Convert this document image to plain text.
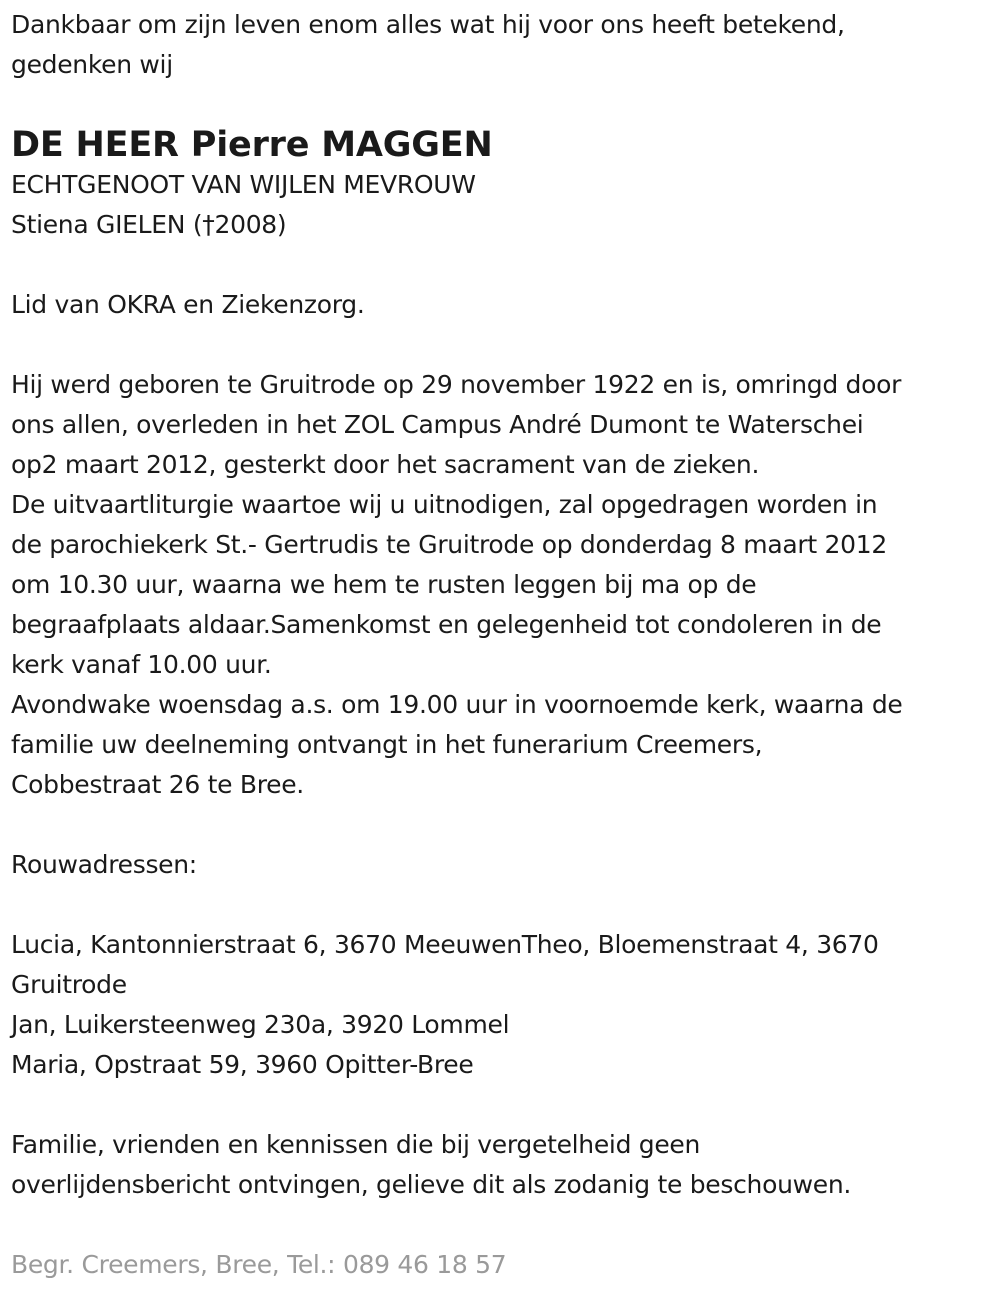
Dankbaar om zijn leven enom alles wat hij voor ons heeft betekend,
gedenken wij
DE HEER Pierre MAGGEN
ECHTGENOOT VAN WIJLEN MEVROUW
Stiena GIELEN (†2008)
Lid van OKRA en Ziekenzorg.
Hij werd geboren te Gruitrode op 29 november 1922 en is, omringd door
ons allen, overleden in het ZOL Campus André Dumont te Waterschei
op2 maart 2012, gesterkt door het sacrament van de zieken.
De uitvaartliturgie waartoe wij u uitnodigen, zal opgedragen worden in
de parochiekerk St.- Gertrudis te Gruitrode op donderdag 8 maart 2012
om 10.30 uur, waarna we hem te rusten leggen bij ma op de
begraafplaats aldaar.Samenkomst en gelegenheid tot condoleren in de
kerk vanaf 10.00 uur.
Avondwake woensdag a.s. om 19.00 uur in voornoemde kerk, waarna de
familie uw deelneming ontvangt in het funerarium Creemers,
Cobbestraat 26 te Bree.
Rouwadressen:
Lucia, Kantonnierstraat 6, 3670 MeeuwenTheo, Bloemenstraat 4, 3670
Gruitrode
Jan, Luikersteenweg 230a, 3920 Lommel
Maria, Opstraat 59, 3960 Opitter-Bree
Familie, vrienden en kennissen die bij vergetelheid geen
overlijdensbericht ontvingen, gelieve dit als zodanig te beschouwen.
Begr. Creemers, Bree, Tel.: 089 46 18 57
